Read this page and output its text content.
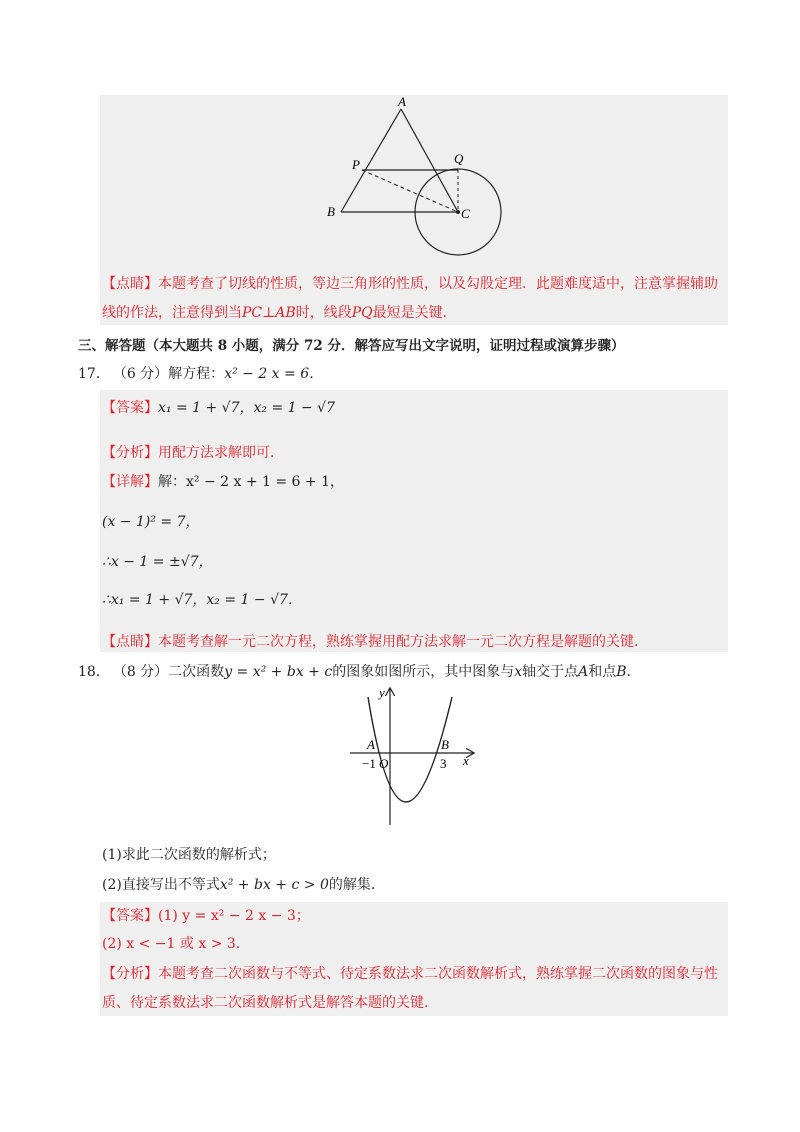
A
P	Q
B	C
【点睛】本题考查了切线的性质，等边三角形的性质，以及勾股定理．此题难度适中，注意掌握辅助
线的作法，注意得到当PC⊥AB时，线段PQ最短是关键．
三、解答题（本大题共 8 小题，满分 72 分．解答应写出文字说明，证明过程或演算步骤）
17． （6 分）解方程：x² − 2 x = 6．
【答案】x₁ = 1 + √7，x₂ = 1 − √7
【分析】用配方法求解即可．
【详解】解：x² − 2 x + 1 = 6 + 1，
(x − 1)² = 7，
∴x − 1 = ±√7，
∴x₁ = 1 + √7，x₂ = 1 − √7．
【点睛】本题考查解一元二次方程，熟练掌握用配方法求解一元二次方程是解题的关键．
18． （8 分）二次函数y = x² + bx + c的图象如图所示，其中图象与x轴交于点A和点B．
y
x
A	B
−1 O	3
(1)求此二次函数的解析式；
(2)直接写出不等式x² + bx + c > 0的解集．
【答案】(1) y = x² − 2 x − 3；
(2) x < −1 或 x > 3．
【分析】本题考查二次函数与不等式、待定系数法求二次函数解析式，熟练掌握二次函数的图象与性
质、待定系数法求二次函数解析式是解答本题的关键．
